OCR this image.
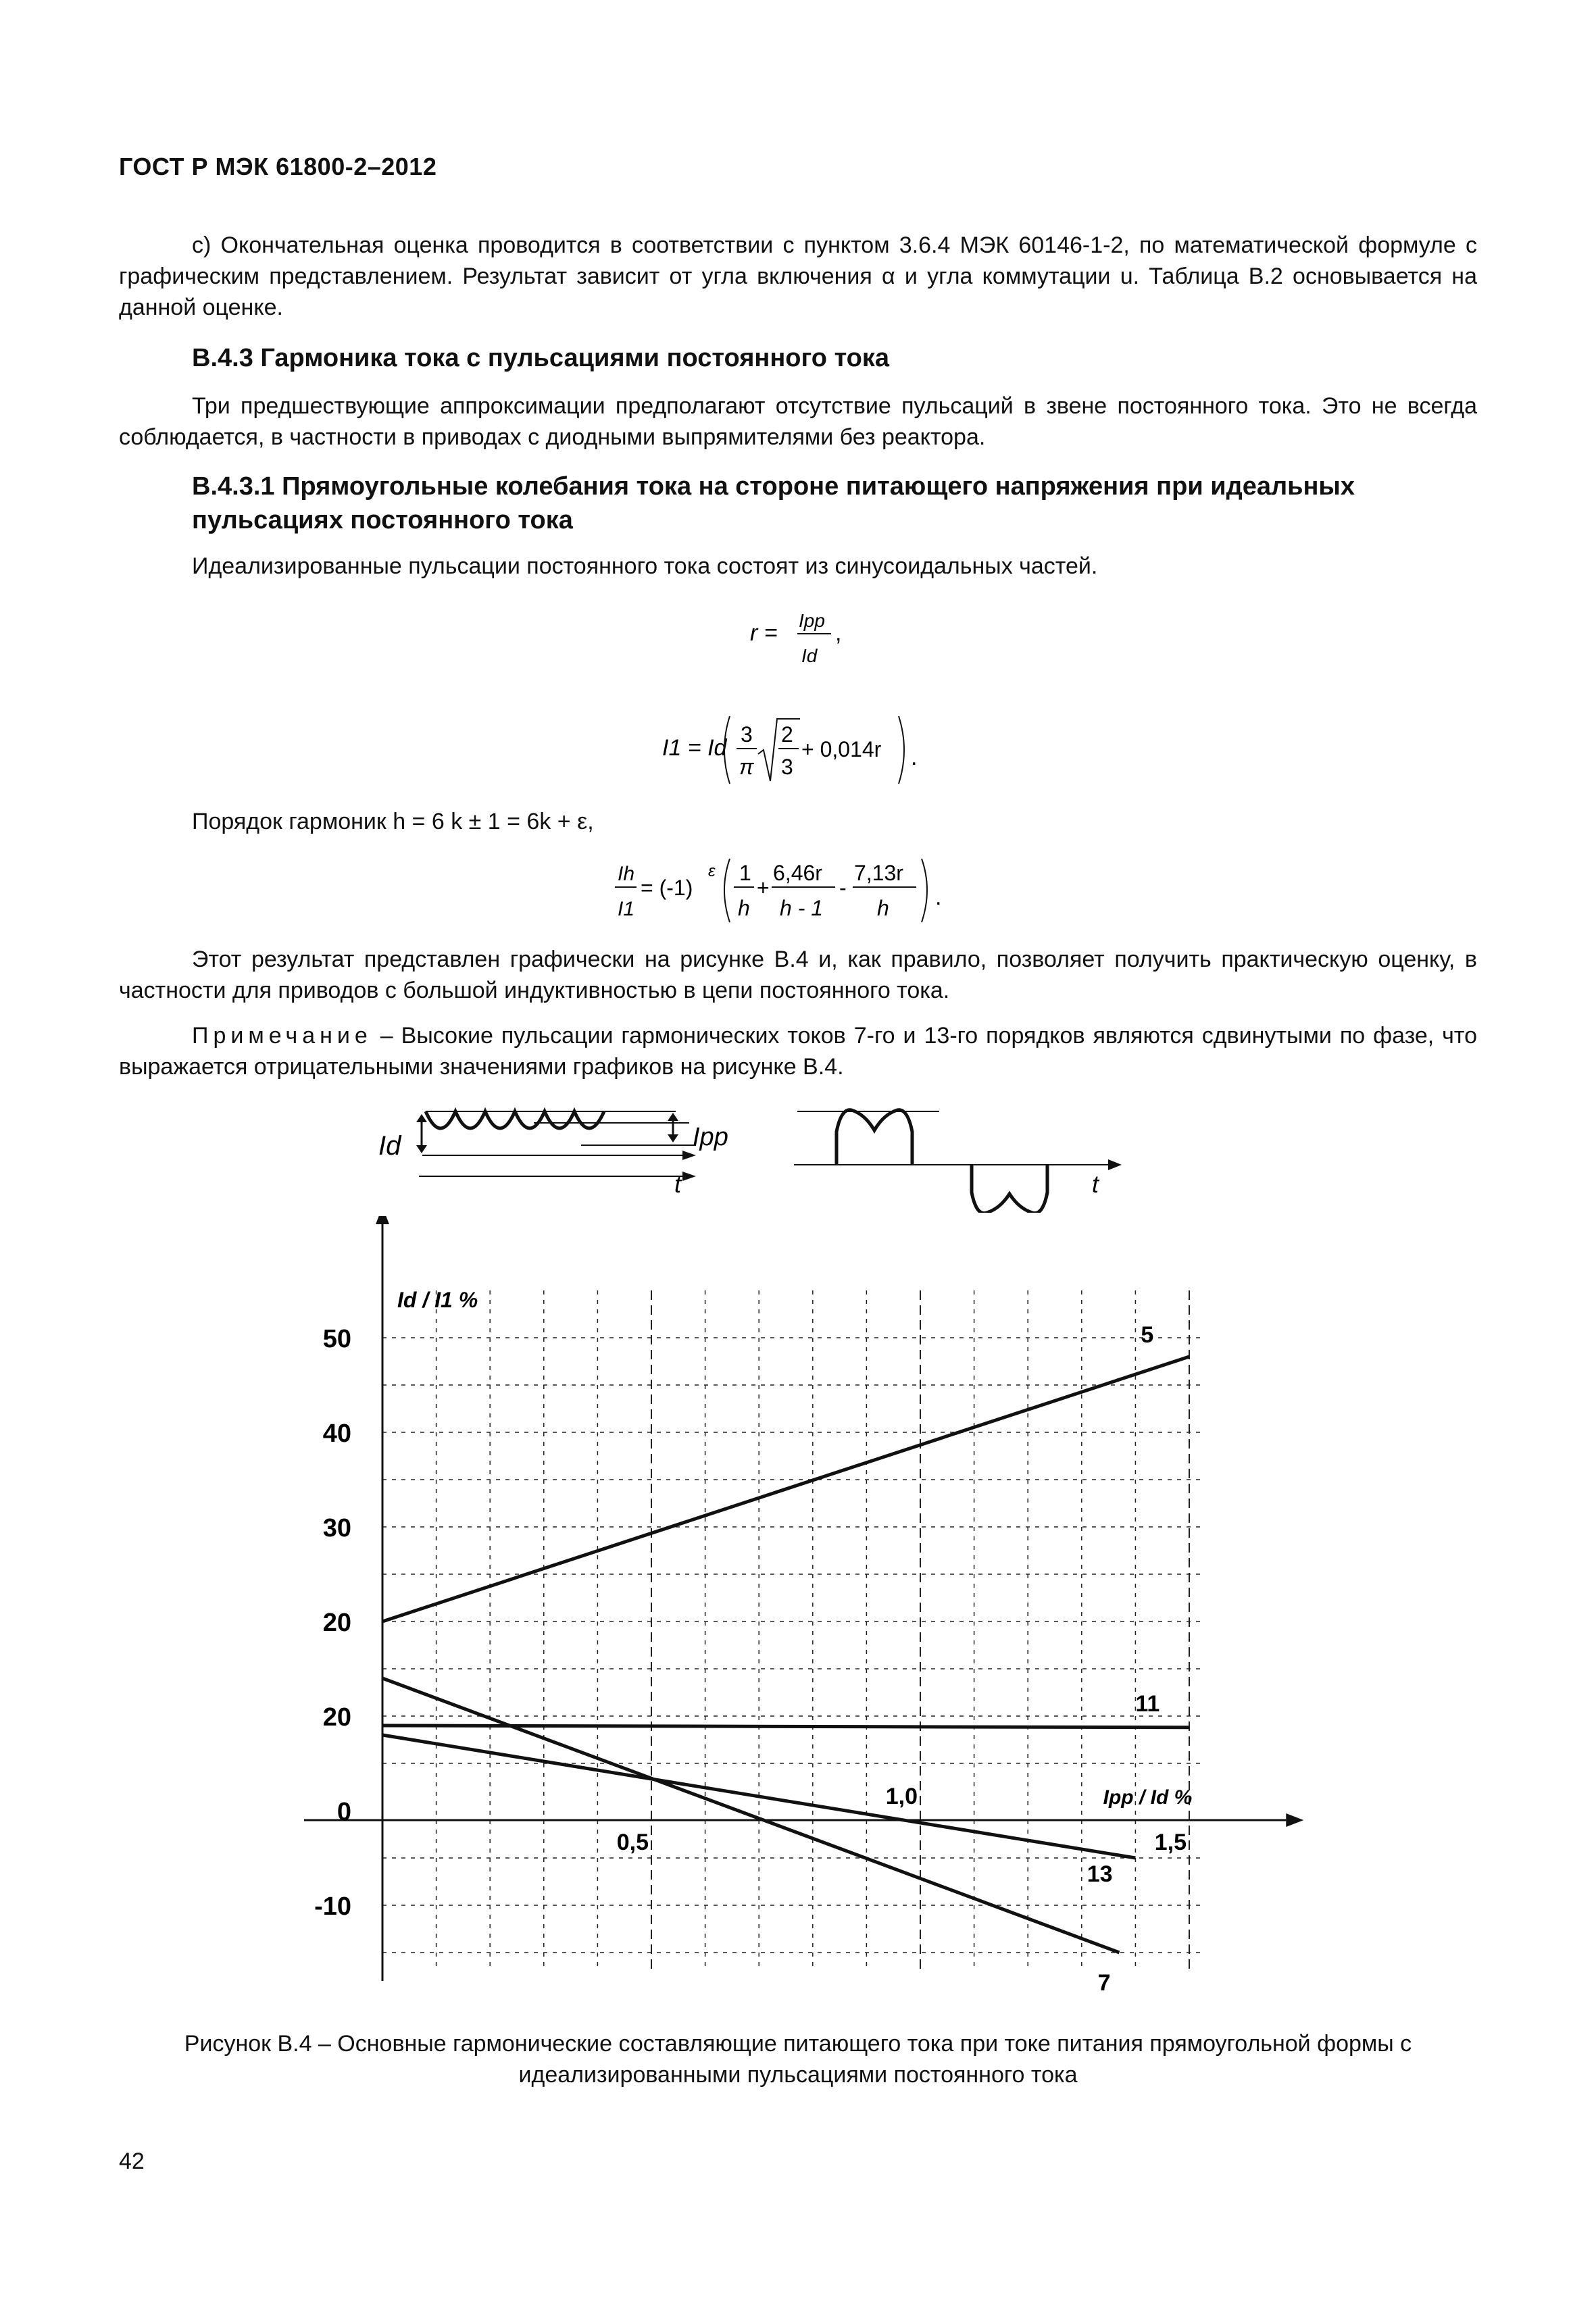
ГОСТ Р МЭК 61800-2–2012
c) Окончательная оценка проводится в соответствии с пунктом 3.6.4 МЭК 60146-1-2, по математической формуле с графическим представлением. Результат зависит от угла включения α и угла коммутации u. Таблица В.2 основывается на данной оценке.
В.4.3 Гармоника тока с пульсациями постоянного тока
Три предшествующие аппроксимации предполагают отсутствие пульсаций в звене постоянного тока. Это не всегда соблюдается, в частности в приводах с диодными выпрямителями без реактора.
В.4.3.1 Прямоугольные колебания тока на стороне питающего напряжения при идеальных пульсациях постоянного тока
Идеализированные пульсации постоянного тока состоят из синусоидальных частей.
r = Ipp
Id
,
I1 = Id
3
π
2
3
+ 0,014r .
Порядок гармоник h = 6 k ± 1 = 6k + ε,
Ih
I1
= (-1)
ε 1
h
+
6,46r
h - 1
-
7,13r
h .
Этот результат представлен графически на рисунке В.4 и, как правило, позволяет получить практическую оценку, в частности для приводов с большой индуктивностью в цепи постоянного тока.
Примечание – Высокие пульсации гармонических токов 7-го и 13-го порядков являются сдвинутыми по фазе, что выражается отрицательными значениями графиков на рисунке В.4.
Id	Ipp
t	t
5
11
13
7
50
40
30
20
20
0
-10
0,5
1,0
1,5
Id / I1 %
Ipp / Id %
Рисунок В.4 – Основные гармонические составляющие питающего тока при токе питания прямоугольной формы с
идеализированными пульсациями постоянного тока
42
